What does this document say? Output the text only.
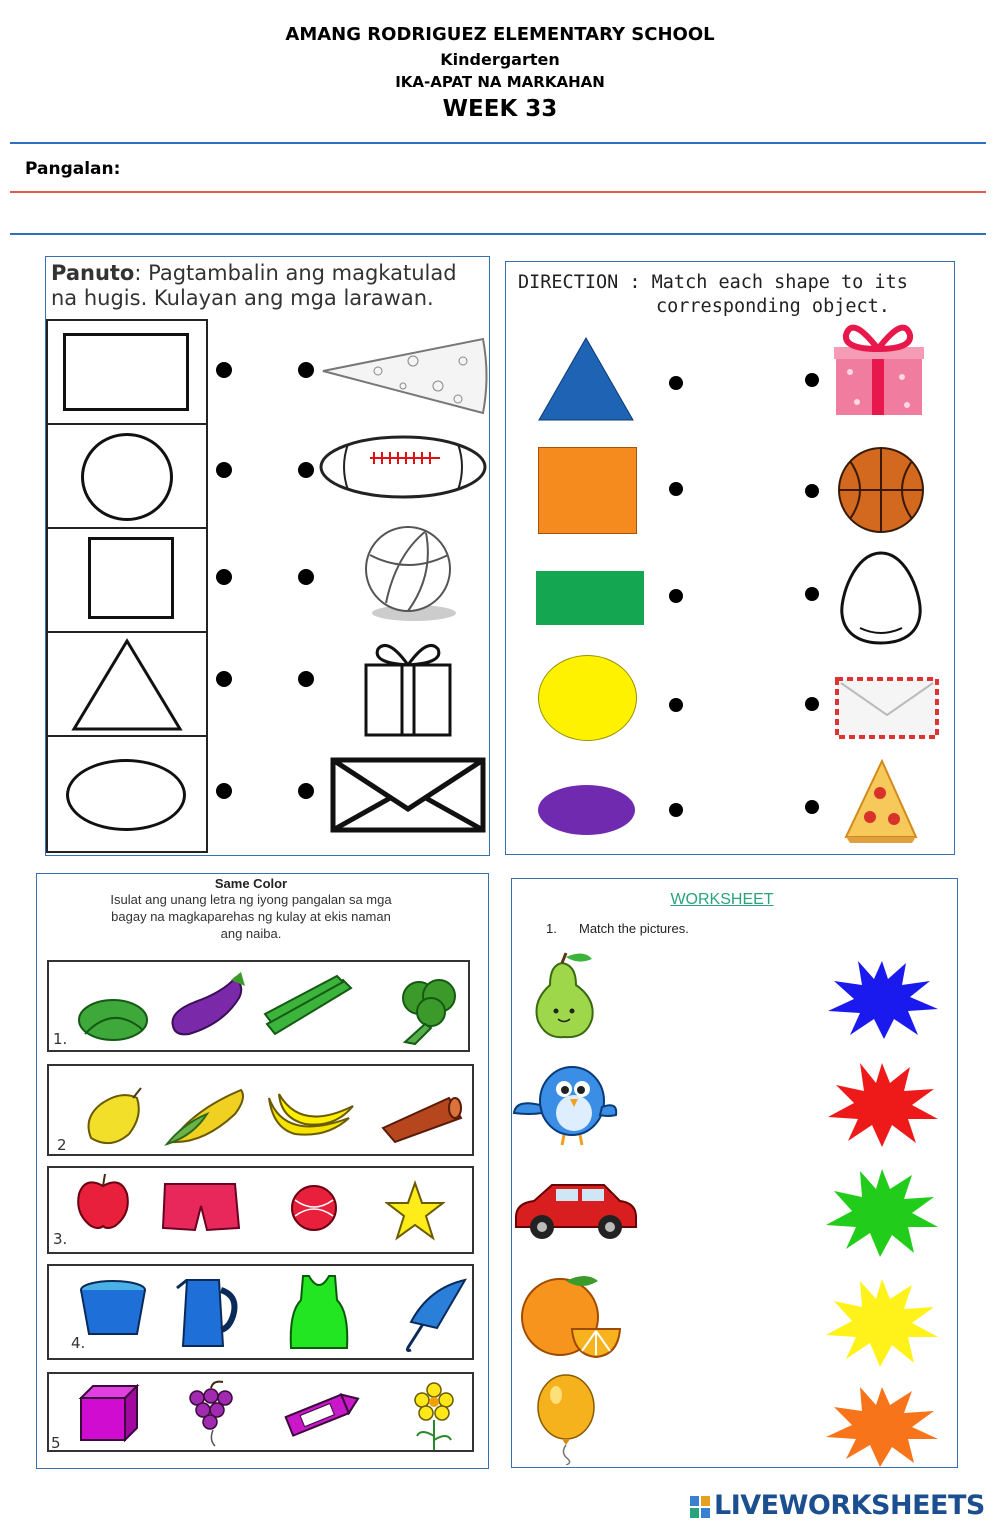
AMANG RODRIGUEZ ELEMENTARY SCHOOL
Kindergarten
IKA-APAT NA MARKAHAN
WEEK 33
Pangalan:
Panuto: Pagtambalin ang magkatulad
na hugis. Kulayan ang mga larawan.
DIRECTION : Match each shape to its
corresponding object.
Same Color
Isulat ang unang letra ng iyong pangalan sa mga
bagay na magkaparehas ng kulay at ekis naman
ang naiba.
1.
2
3.
4.
5
WORKSHEET
1. Match the pictures.
LIVEWORKSHEETS
